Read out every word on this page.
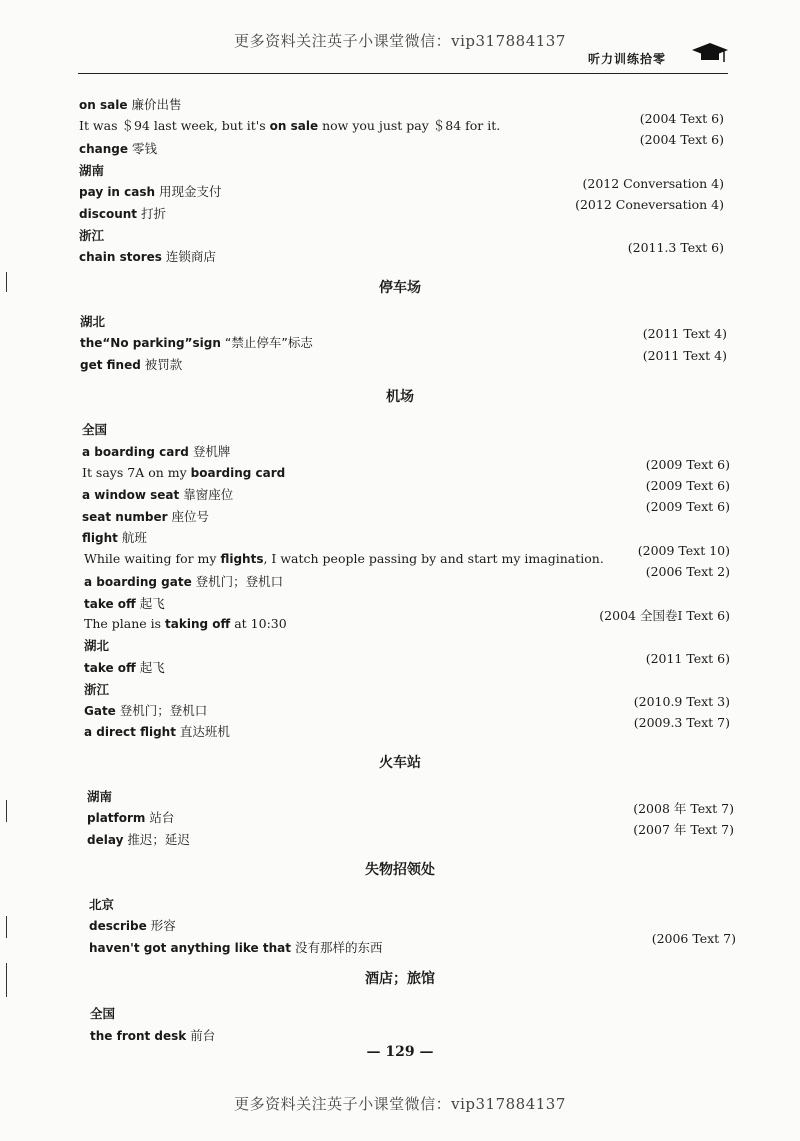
更多资料关注英子小课堂微信：vip317884137
听力训练拾零
on sale 廉价出售
It was ＄94 last week, but it's on sale now you just pay ＄84 for it.	(2004 Text 6)
(2004 Text 6)
change 零钱
湖南
(2012 Conversation 4)
pay in cash 用现金支付
(2012 Coneversation 4)
discount 打折
浙江
(2011.3 Text 6)
chain stores 连锁商店
停车场
湖北
(2011 Text 4)
the“No parking”sign “禁止停车”标志
(2011 Text 4)
get fined 被罚款
机场
全国
a boarding card 登机牌
(2009 Text 6)
It says 7A on my boarding card
(2009 Text 6)
a window seat 靠窗座位
(2009 Text 6)
seat number 座位号
flight 航班
While waiting for my flights, I watch people passing by and start my imagination.
(2009 Text 10)
(2006 Text 2)
a boarding gate 登机门；登机口
take off 起飞
(2004 全国卷Ⅰ Text 6)
The plane is taking off at 10:30
湖北
(2011 Text 6)
take off 起飞
浙江
(2010.9 Text 3)
Gate 登机门；登机口
(2009.3 Text 7)
a direct flight 直达班机
火车站
湖南
(2008 年 Text 7)
platform 站台
(2007 年 Text 7)
delay 推迟；延迟
失物招领处
北京
describe 形容
(2006 Text 7)
haven't got anything like that 没有那样的东西
酒店；旅馆
全国
the front desk 前台
— 129 —
更多资料关注英子小课堂微信：vip317884137
